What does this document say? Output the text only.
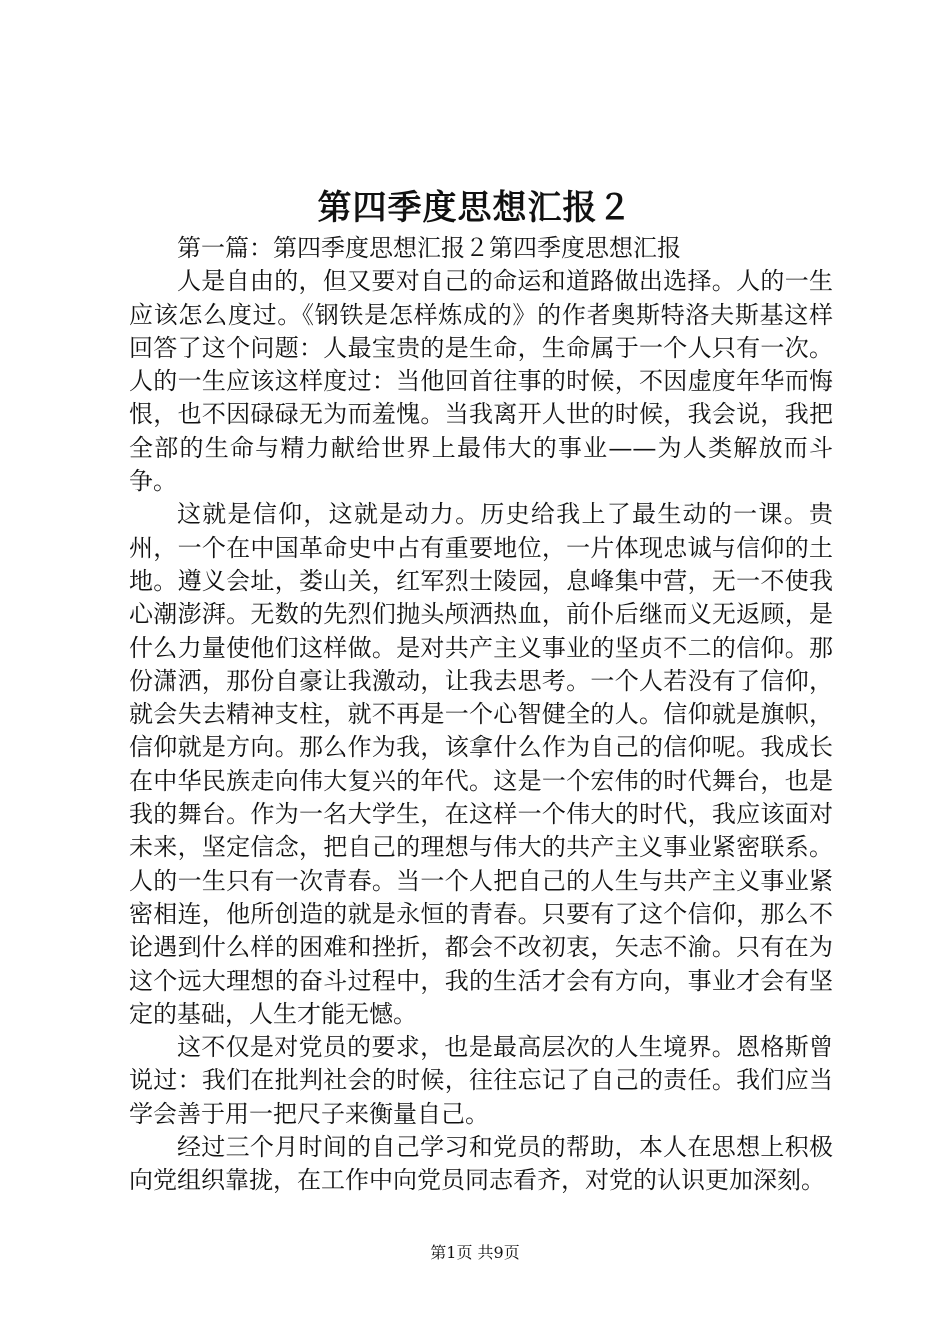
第四季度思想汇报２

第一篇：第四季度思想汇报２第四季度思想汇报

人是自由的，但又要对自己的命运和道路做出选择。人的一生应该怎么度过。《钢铁是怎样炼成的》的作者奥斯特洛夫斯基这样回答了这个问题：人最宝贵的是生命，生命属于一个人只有一次。人的一生应该这样度过：当他回首往事的时候，不因虚度年华而悔恨，也不因碌碌无为而羞愧。当我离开人世的时候，我会说，我把全部的生命与精力献给世界上最伟大的事业——为人类解放而斗争。

这就是信仰，这就是动力。历史给我上了最生动的一课。贵州，一个在中国革命史中占有重要地位，一片体现忠诚与信仰的土地。遵义会址，娄山关，红军烈士陵园，息峰集中营，无一不使我心潮澎湃。无数的先烈们抛头颅洒热血，前仆后继而义无返顾，是什么力量使他们这样做。是对共产主义事业的坚贞不二的信仰。那份潇洒，那份自豪让我激动，让我去思考。一个人若没有了信仰，就会失去精神支柱，就不再是一个心智健全的人。信仰就是旗帜，信仰就是方向。那么作为我，该拿什么作为自己的信仰呢。我成长在中华民族走向伟大复兴的年代。这是一个宏伟的时代舞台，也是我的舞台。作为一名大学生，在这样一个伟大的时代，我应该面对未来，坚定信念，把自己的理想与伟大的共产主义事业紧密联系。人的一生只有一次青春。当一个人把自己的人生与共产主义事业紧密相连，他所创造的就是永恒的青春。只要有了这个信仰，那么不论遇到什么样的困难和挫折，都会不改初衷，矢志不渝。只有在为这个远大理想的奋斗过程中，我的生活才会有方向，事业才会有坚定的基础，人生才能无憾。

这不仅是对党员的要求，也是最高层次的人生境界。恩格斯曾说过：我们在批判社会的时候，往往忘记了自己的责任。我们应当学会善于用一把尺子来衡量自己。

经过三个月时间的自己学习和党员的帮助，本人在思想上积极向党组织靠拢，在工作中向党员同志看齐，对党的认识更加深刻。

第1页 共9页
